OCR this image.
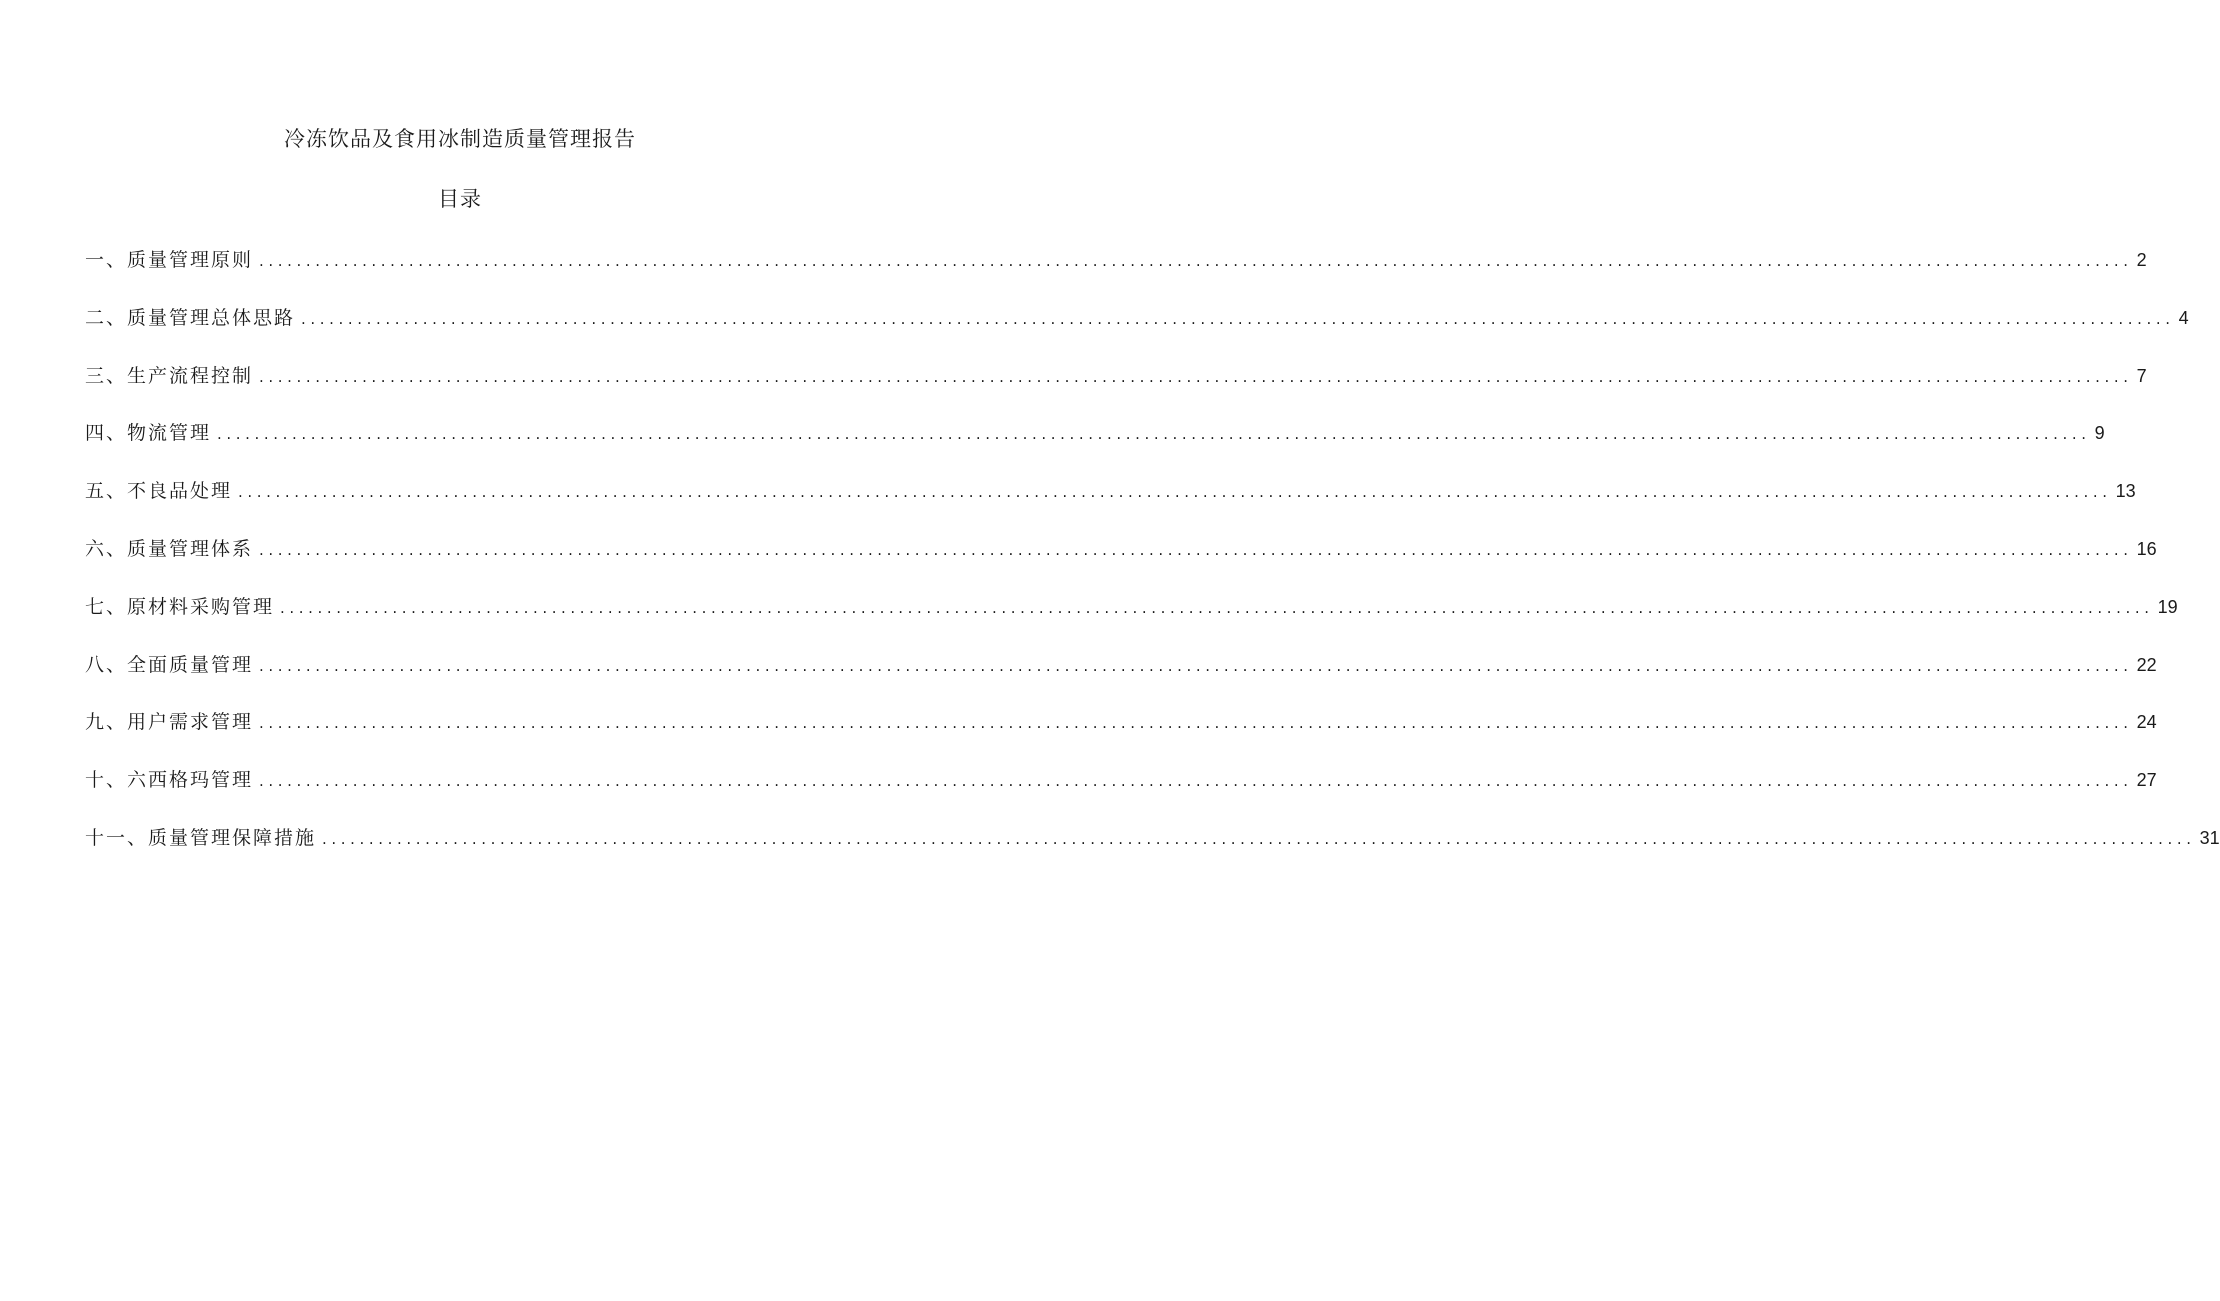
冷冻饮品及食用冰制造质量管理报告
目录
一、质量管理原则 ........................................................................................................................................................................................................ 2
二、质量管理总体思路 ........................................................................................................................................................................................................ 4
三、生产流程控制 ........................................................................................................................................................................................................ 7
四、物流管理 ........................................................................................................................................................................................................ 9
五、不良品处理 ........................................................................................................................................................................................................ 13
六、质量管理体系 ........................................................................................................................................................................................................ 16
七、原材料采购管理 ........................................................................................................................................................................................................ 19
八、全面质量管理 ........................................................................................................................................................................................................ 22
九、用户需求管理 ........................................................................................................................................................................................................ 24
十、六西格玛管理 ........................................................................................................................................................................................................ 27
十一、质量管理保障措施 ........................................................................................................................................................................................................ 31
